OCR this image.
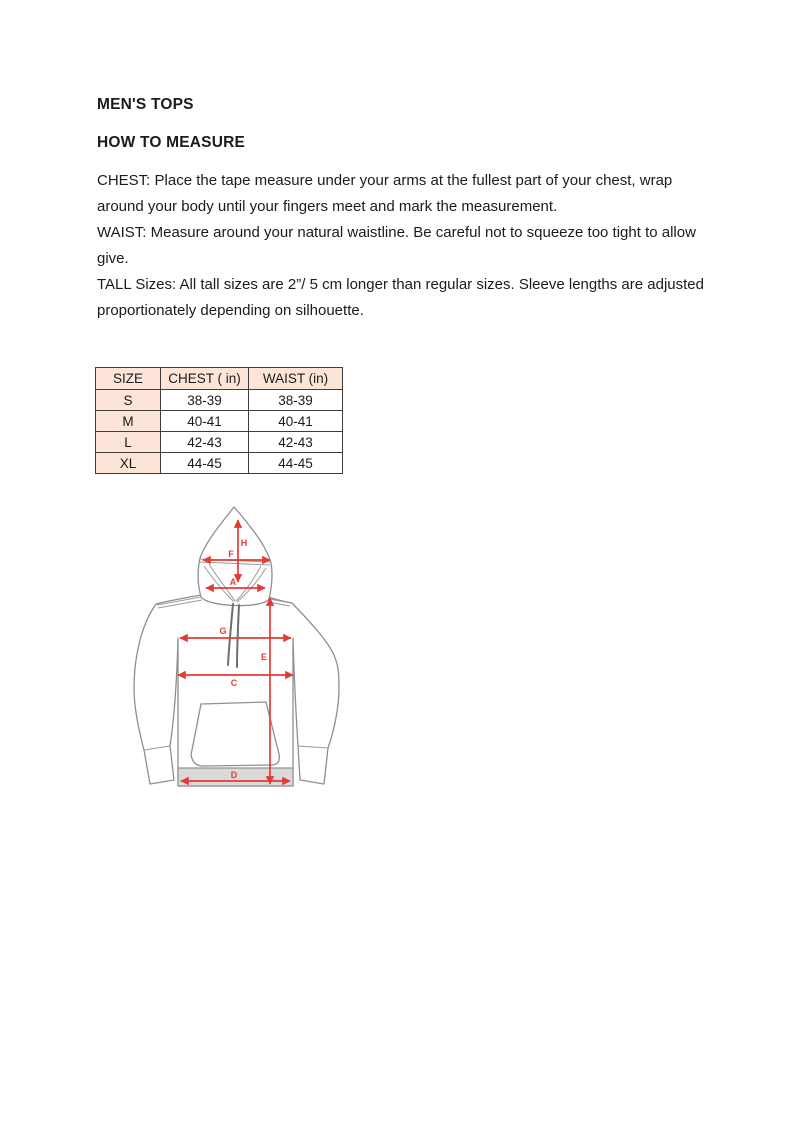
MEN'S TOPS
HOW TO MEASURE

CHEST: Place the tape measure under your arms at the fullest part of your chest, wrap around your body until your fingers meet and mark the measurement.

WAIST: Measure around your natural waistline. Be careful not to squeeze too tight to allow give.

TALL Sizes: All tall sizes are 2”/ 5 cm longer than regular sizes. Sleeve lengths are adjusted proportionately depending on silhouette.

SIZE	CHEST ( in)	WAIST (in)
S	38-39	38-39
M	40-41	40-41
L	42-43	42-43
XL	44-45	44-45
H
F
A
G
E
C
D
